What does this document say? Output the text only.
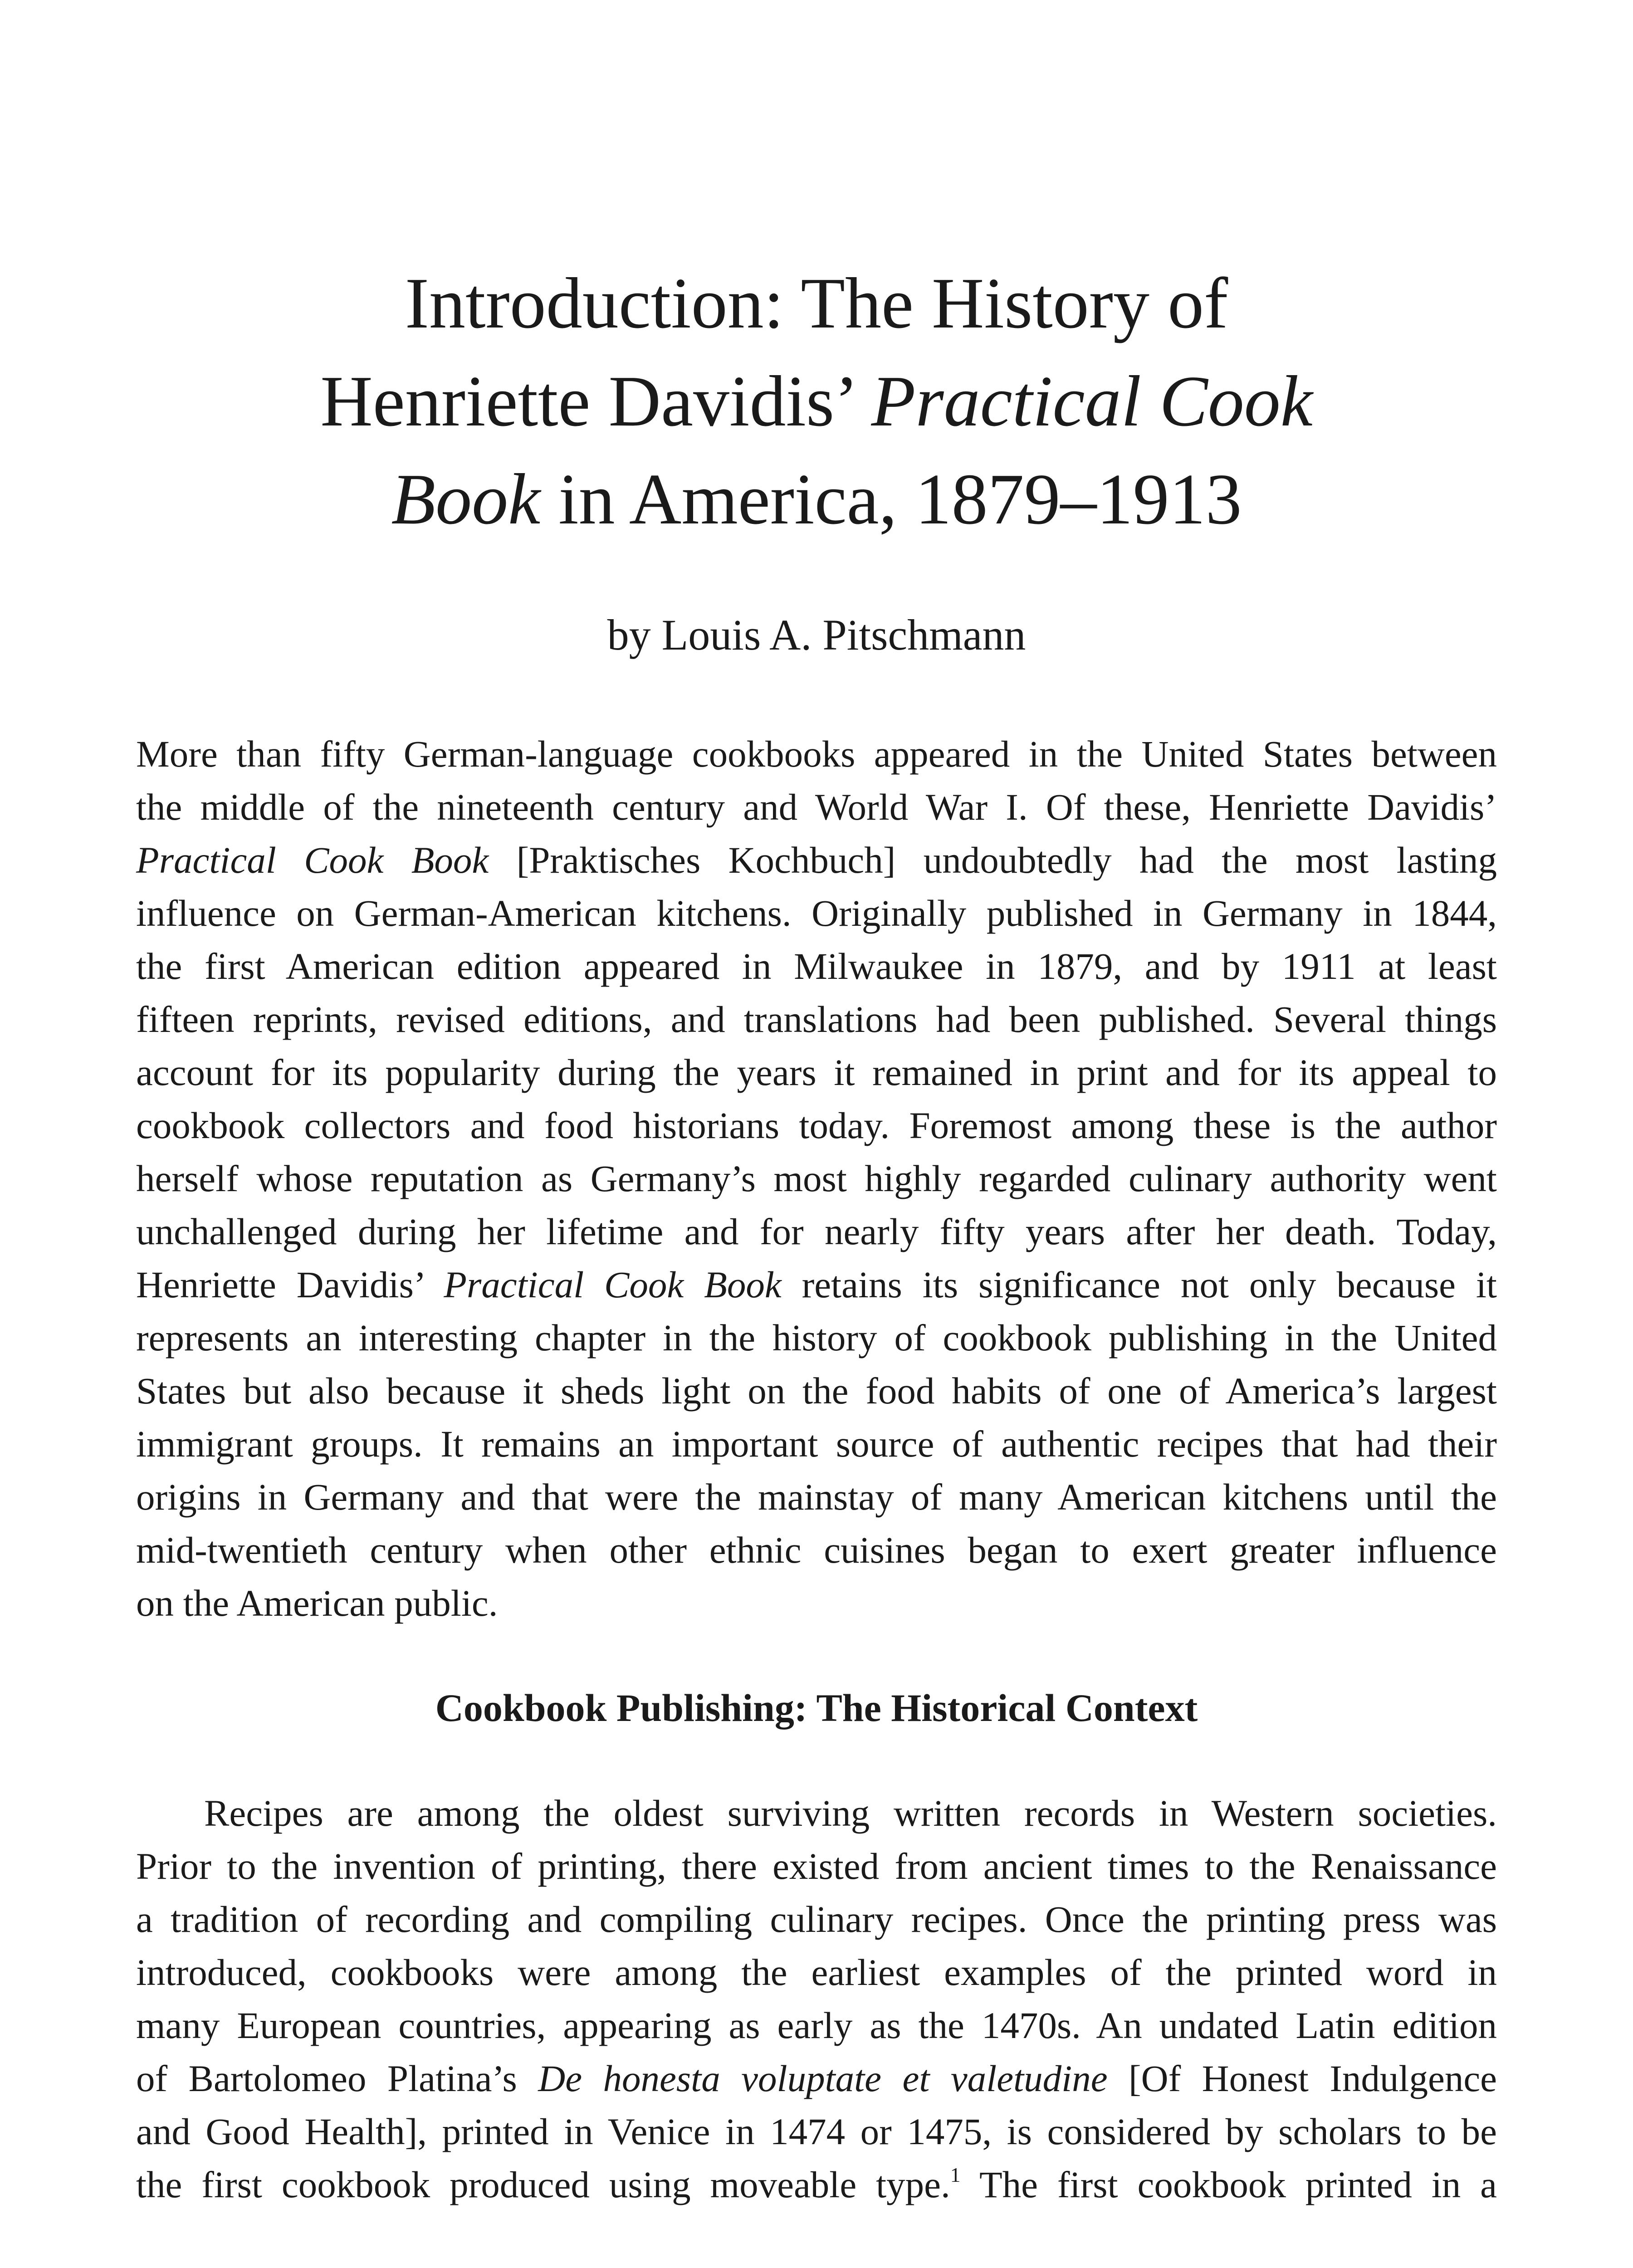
Introduction: The History of
Henriette Davidis’ Practical Cook
Book in America, 1879–1913

by Louis A. Pitschmann

More than fifty German-language cookbooks appeared in the United States between
the middle of the nineteenth century and World War I. Of these, Henriette Davidis’
Practical Cook Book [Praktisches Kochbuch] undoubtedly had the most lasting
influence on German-American kitchens. Originally published in Germany in 1844,
the first American edition appeared in Milwaukee in 1879, and by 1911 at least
fifteen reprints, revised editions, and translations had been published. Several things
account for its popularity during the years it remained in print and for its appeal to
cookbook collectors and food historians today. Foremost among these is the author
herself whose reputation as Germany’s most highly regarded culinary authority went
unchallenged during her lifetime and for nearly fifty years after her death. Today,
Henriette Davidis’ Practical Cook Book retains its significance not only because it
represents an interesting chapter in the history of cookbook publishing in the United
States but also because it sheds light on the food habits of one of America’s largest
immigrant groups. It remains an important source of authentic recipes that had their
origins in Germany and that were the mainstay of many American kitchens until the
mid-twentieth century when other ethnic cuisines began to exert greater influence
on the American public.
Cookbook Publishing: The Historical Context
Recipes are among the oldest surviving written records in Western societies.
Prior to the invention of printing, there existed from ancient times to the Renaissance
a tradition of recording and compiling culinary recipes. Once the printing press was
introduced, cookbooks were among the earliest examples of the printed word in
many European countries, appearing as early as the 1470s. An undated Latin edition
of Bartolomeo Platina’s De honesta voluptate et valetudine [Of Honest Indulgence
and Good Health], printed in Venice in 1474 or 1475, is considered by scholars to be
the first cookbook produced using moveable type.$^1$ The first cookbook printed in a
